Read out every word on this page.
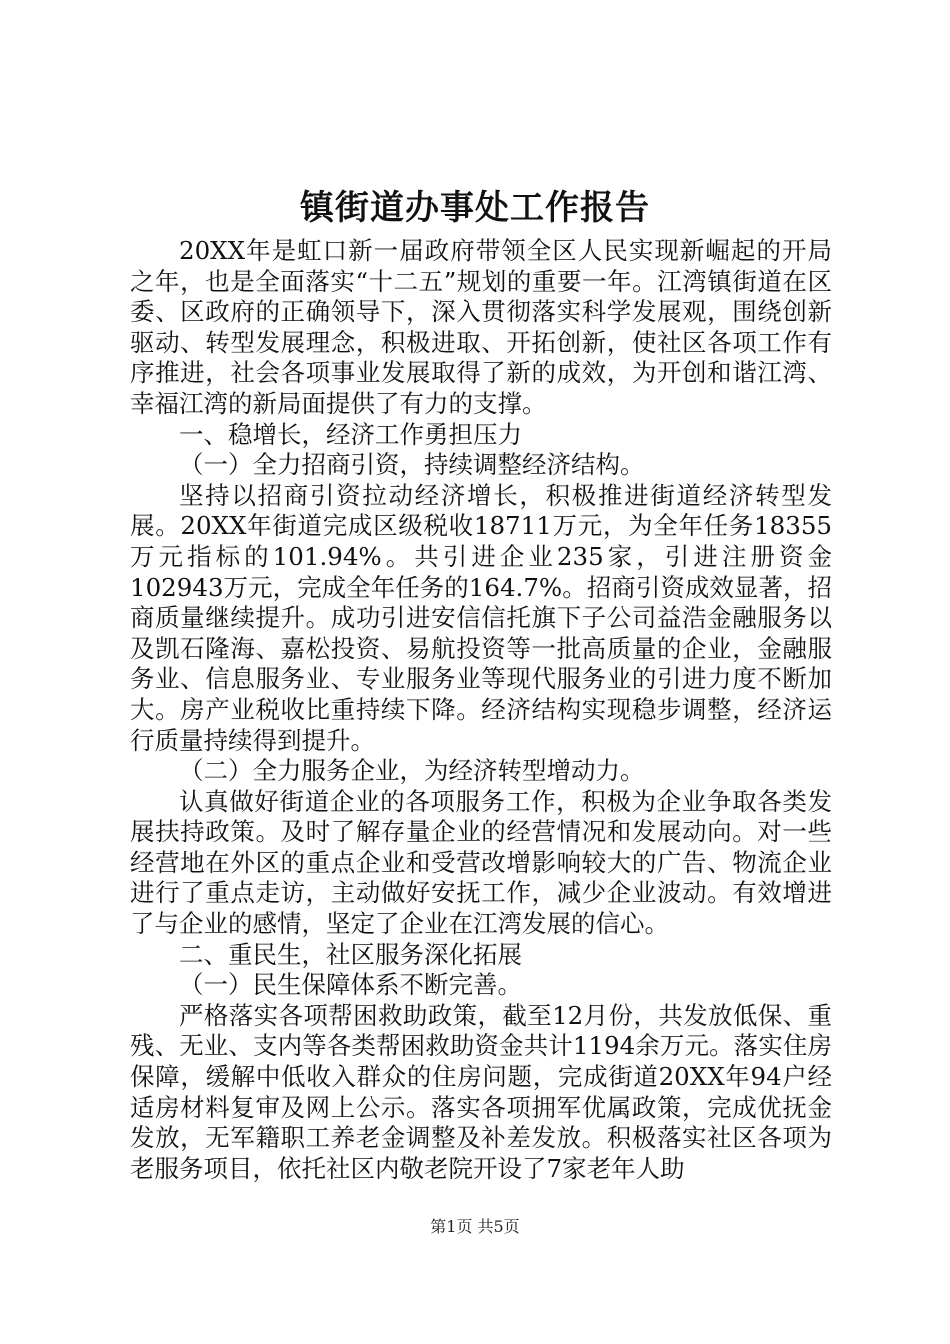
镇街道办事处工作报告

20XX年是虹口新一届政府带领全区人民实现新崛起的开局之年，也是全面落实“十二五”规划的重要一年。江湾镇街道在区委、区政府的正确领导下，深入贯彻落实科学发展观，围绕创新驱动、转型发展理念，积极进取、开拓创新，使社区各项工作有序推进，社会各项事业发展取得了新的成效，为开创和谐江湾、幸福江湾的新局面提供了有力的支撑。

一、稳增长，经济工作勇担压力

（一）全力招商引资，持续调整经济结构。

坚持以招商引资拉动经济增长，积极推进街道经济转型发展。20XX年街道完成区级税收18711万元，为全年任务18355万元指标的101.94%。共引进企业235家，引进注册资金102943万元，完成全年任务的164.7%。招商引资成效显著，招商质量继续提升。成功引进安信信托旗下子公司益浩金融服务以及凯石隆海、嘉松投资、易航投资等一批高质量的企业，金融服务业、信息服务业、专业服务业等现代服务业的引进力度不断加大。房产业税收比重持续下降。经济结构实现稳步调整，经济运行质量持续得到提升。

（二）全力服务企业，为经济转型增动力。

认真做好街道企业的各项服务工作，积极为企业争取各类发展扶持政策。及时了解存量企业的经营情况和发展动向。对一些经营地在外区的重点企业和受营改增影响较大的广告、物流企业进行了重点走访，主动做好安抚工作，减少企业波动。有效增进了与企业的感情，坚定了企业在江湾发展的信心。

二、重民生，社区服务深化拓展

（一）民生保障体系不断完善。

严格落实各项帮困救助政策，截至12月份，共发放低保、重残、无业、支内等各类帮困救助资金共计1194余万元。落实住房保障，缓解中低收入群众的住房问题，完成街道20XX年94户经适房材料复审及网上公示。落实各项拥军优属政策，完成优抚金发放，无军籍职工养老金调整及补差发放。积极落实社区各项为老服务项目，依托社区内敬老院开设了7家老年人助

第1页 共5页
